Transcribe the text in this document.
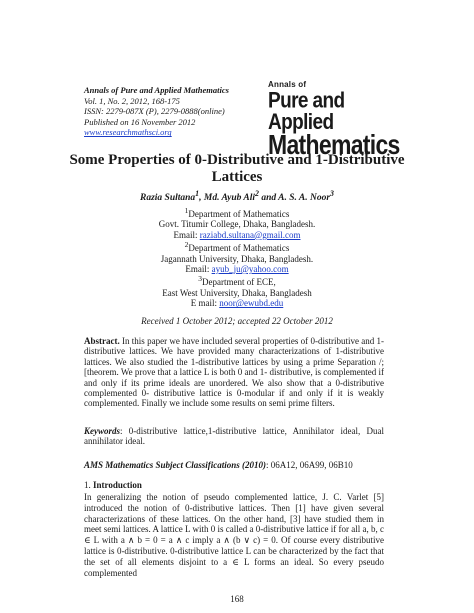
Annals of Pure and Applied Mathematics
Vol. 1, No. 2, 2012, 168-175
ISSN: 2279-087X (P), 2279-0888(online)
Published on 16 November 2012
www.researchmathsci.org
Annals of
Pure and Applied
Mathematics
Some Properties of 0-Distributive and 1-Distributive Lattices
Razia Sultana$^1$, Md. Ayub Ali$^2$ and A. S. A. Noor$^3$
$^1$Department of Mathematics
Govt. Titumir College, Dhaka, Bangladesh.
Email: raziabd.sultana@gmail.com
$^2$Department of Mathematics
Jagannath University, Dhaka, Bangladesh.
Email: ayub_ju@yahoo.com
$^3$Department of ECE,
East West University, Dhaka, Bangladesh
E mail: noor@ewubd.edu
Received 1 October 2012; accepted 22 October 2012
Abstract. In this paper we have included several properties of 0-distributive and 1-distributive lattices. We have provided many characterizations of 1-distributive lattices. We also studied the 1-distributive lattices by using a prime Separation /;[theorem. We prove that a lattice L is both 0 and 1- distributive, is complemented if and only if its prime ideals are unordered. We also show that a 0-distributive complemented 0- distributive lattice is 0-modular if and only if it is weakly complemented. Finally we include some results on semi prime filters.
Keywords: 0-distributive lattice,1-distributive lattice, Annihilator ideal, Dual annihilator ideal.
AMS Mathematics Subject Classifications (2010): 06A12, 06A99, 06B10
1. Introduction
In generalizing the notion of pseudo complemented lattice, J. C. Varlet [5] introduced the notion of 0-distributive lattices. Then [1] have given several characterizations of these lattices. On the other hand, [3] have studied them in meet semi lattices. A lattice L with 0 is called a 0-distributive lattice if for all a, b, c ∈ L with a ∧ b = 0 = a ∧ c imply a ∧ (b ∨ c) = 0. Of course every distributive lattice is 0-distributive. 0-distributive lattice L can be characterized by the fact that the set of all elements disjoint to a ∈ L forms an ideal. So every pseudo complemented
168
